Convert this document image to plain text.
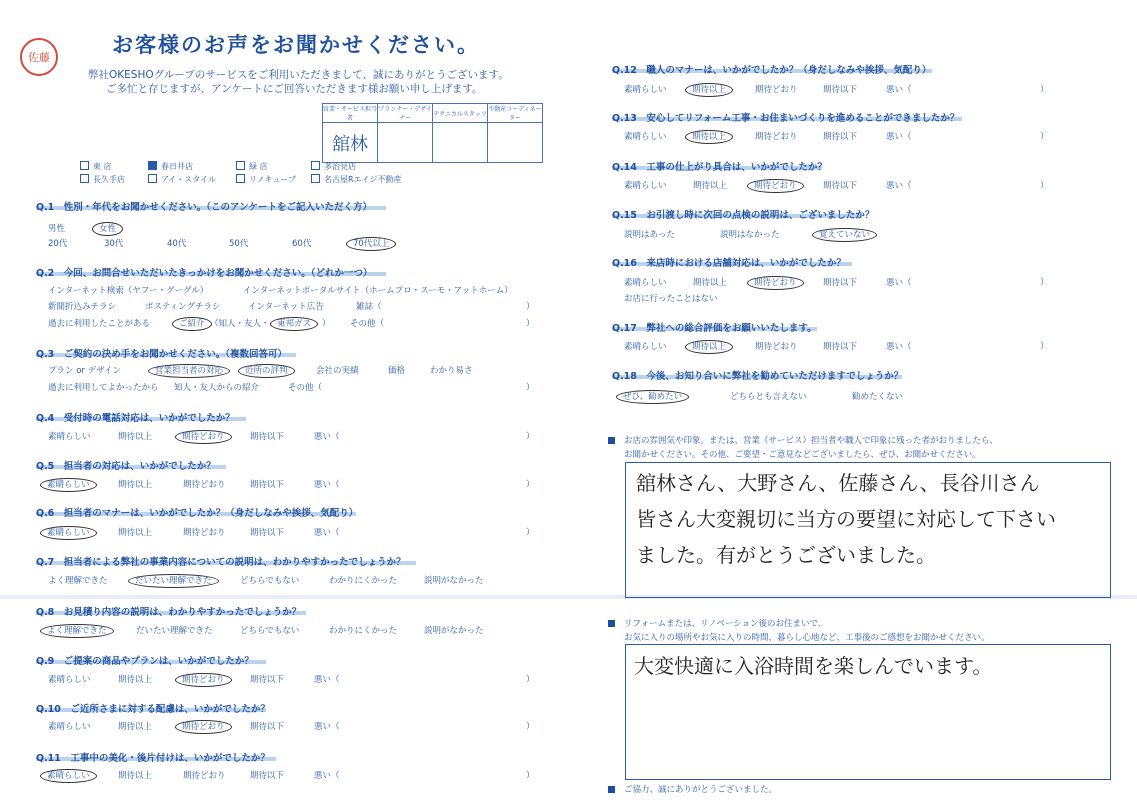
佐藤	お客様のお声をお聞かせください。
弊社OKESHOグループのサービスをご利用いただきまして、誠にありがとうございます。
ご多忙と存じますが、アンケートにご回答いただきます様お願い申し上げます。
営業・サービス担当者	プランナー・デザイナー	テクニカルスタッフ	不動産コーディネーター
舘林			
東 店	春日井店	緑 店	多治見店
長久手店	アイ・スタイル	リノキューブ	名古屋Rエイジ不動産
Q.1　性別・年代をお聞かせください。（このアンケートをご記入いただく方）
男性	女性
20代	30代	40代	50代	60代	70代以上
Q.2　今回、お問合せいただいたきっかけをお聞かせください。（どれか一つ）
インターネット検索（ヤフー・グーグル）	インターネットポータルサイト（ホームプロ・スーモ・アットホーム）
新聞折込みチラシ	ポスティングチラシ	インターネット広告	雑誌（	）
過去に利用したことがある	ご紹介 （知人・友人・ 東邦ガス ） その他（	）
Q.3　ご契約の決め手をお聞かせください。（複数回答可）
プラン or デザイン	営業担当者の対応	近所の評判	会社の実績	価格	わかり易さ
過去に利用してよかったから 知人・友人からの紹介	その他（	）
Q.4　受付時の電話対応は、いかがでしたか？
素晴らしい	期待以上	期待どおり	期待以下	悪い（	）
Q.5　担当者の対応は、いかがでしたか？
素晴らしい	期待以上	期待どおり	期待以下	悪い（	）
Q.6　担当者のマナーは、いかがでしたか？（身だしなみや挨拶、気配り）
素晴らしい	期待以上	期待どおり	期待以下	悪い（	）
Q.7　担当者による弊社の事業内容についての説明は、わかりやすかったでしょうか？
よく理解できた	だいたい理解できた	どちらでもない	わかりにくかった	説明がなかった
Q.8　お見積り内容の説明は、わかりやすかったでしょうか？
よく理解できた	だいたい理解できた	どちらでもない	わかりにくかった	説明がなかった
Q.9　ご提案の商品やプランは、いかがでしたか？
素晴らしい	期待以上	期待どおり	期待以下	悪い（	）
Q.10　ご近所さまに対する配慮は、いかがでしたか？
素晴らしい	期待以上	期待どおり	期待以下	悪い（	）
Q.11　工事中の美化・後片付けは、いかがでしたか？
素晴らしい	期待以上	期待どおり	期待以下	悪い（	）
Q.12　職人のマナーは、いかがでしたか？（身だしなみや挨拶、気配り）
素晴らしい	期待以上	期待どおり	期待以下	悪い（	）
Q.13　安心してリフォーム工事・お住まいづくりを進めることができましたか？
素晴らしい	期待以上	期待どおり	期待以下	悪い（	）
Q.14　工事の仕上がり具合は、いかがでしたか？
素晴らしい	期待以上	期待どおり	期待以下	悪い（	）
Q.15　お引渡し時に次回の点検の説明は、ございましたか？
説明はあった	説明はなかった	覚えていない
Q.16　来店時における店舗対応は、いかがでしたか？
素晴らしい	期待以上	期待どおり	期待以下	悪い（	）
お店に行ったことはない
Q.17　弊社への総合評価をお願いいたします。
素晴らしい	期待以上	期待どおり	期待以下	悪い（	）
Q.18　今後、お知り合いに弊社を勧めていただけますでしょうか？
ぜひ、勧めたい	どちらとも言えない	勧めたくない
お店の雰囲気や印象。または、営業（サービス）担当者や職人で印象に残った者がおりましたら、
お聞かせください。その他、ご要望・ご意見などございましたら、ぜひ、お聞かせください。
舘林さん、大野さん、佐藤さん、長谷川さん
皆さん大変親切に当方の要望に対応して下さい
ました。有がとうございました。
リフォームまたは、リノベーション後のお住まいで、
お気に入りの場所やお気に入りの時間、暮らし心地など、工事後のご感想をお聞かせください。
大変快適に入浴時間を楽しんでいます。
ご協力、誠にありがとうございました。
